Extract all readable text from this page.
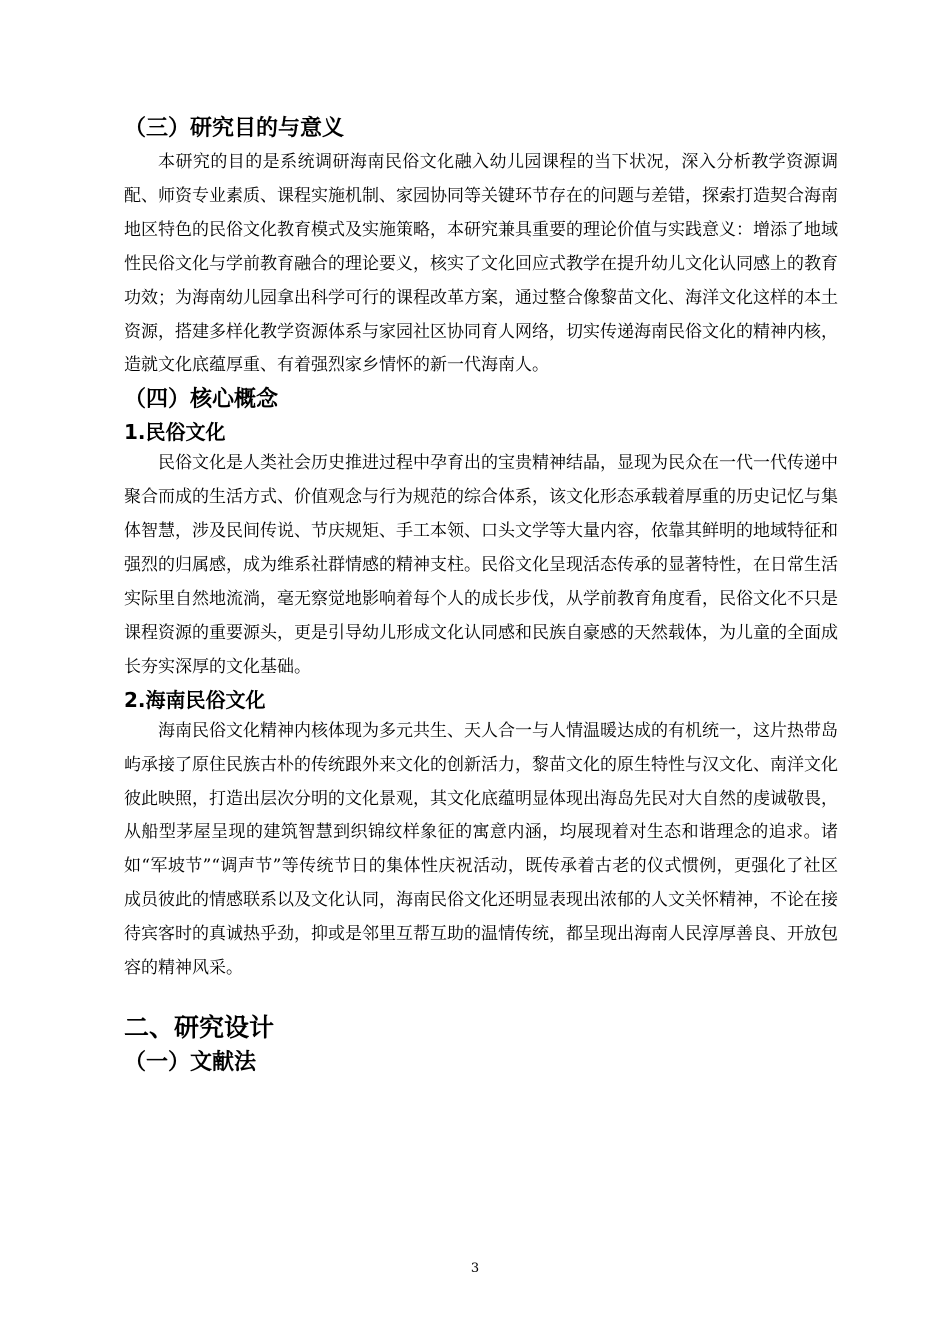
（三）研究目的与意义

本研究的目的是系统调研海南民俗文化融入幼儿园课程的当下状况，深入分析教学资源调配、师资专业素质、课程实施机制、家园协同等关键环节存在的问题与差错，探索打造契合海南地区特色的民俗文化教育模式及实施策略，本研究兼具重要的理论价值与实践意义：增添了地域性民俗文化与学前教育融合的理论要义，核实了文化回应式教学在提升幼儿文化认同感上的教育功效；为海南幼儿园拿出科学可行的课程改革方案，通过整合像黎苗文化、海洋文化这样的本土资源，搭建多样化教学资源体系与家园社区协同育人网络，切实传递海南民俗文化的精神内核，造就文化底蕴厚重、有着强烈家乡情怀的新一代海南人。

（四）核心概念
1.民俗文化

民俗文化是人类社会历史推进过程中孕育出的宝贵精神结晶，显现为民众在一代一代传递中聚合而成的生活方式、价值观念与行为规范的综合体系，该文化形态承载着厚重的历史记忆与集体智慧，涉及民间传说、节庆规矩、手工本领、口头文学等大量内容，依靠其鲜明的地域特征和强烈的归属感，成为维系社群情感的精神支柱。民俗文化呈现活态传承的显著特性，在日常生活实际里自然地流淌，毫无察觉地影响着每个人的成长步伐，从学前教育角度看，民俗文化不只是课程资源的重要源头，更是引导幼儿形成文化认同感和民族自豪感的天然载体，为儿童的全面成长夯实深厚的文化基础。

2.海南民俗文化

海南民俗文化精神内核体现为多元共生、天人合一与人情温暖达成的有机统一，这片热带岛屿承接了原住民族古朴的传统跟外来文化的创新活力，黎苗文化的原生特性与汉文化、南洋文化彼此映照，打造出层次分明的文化景观，其文化底蕴明显体现出海岛先民对大自然的虔诚敬畏，从船型茅屋呈现的建筑智慧到织锦纹样象征的寓意内涵，均展现着对生态和谐理念的追求。诸如“军坡节”“调声节”等传统节日的集体性庆祝活动，既传承着古老的仪式惯例，更强化了社区成员彼此的情感联系以及文化认同，海南民俗文化还明显表现出浓郁的人文关怀精神，不论在接待宾客时的真诚热乎劲，抑或是邻里互帮互助的温情传统，都呈现出海南人民淳厚善良、开放包容的精神风采。

二、研究设计
（一）文献法
3
